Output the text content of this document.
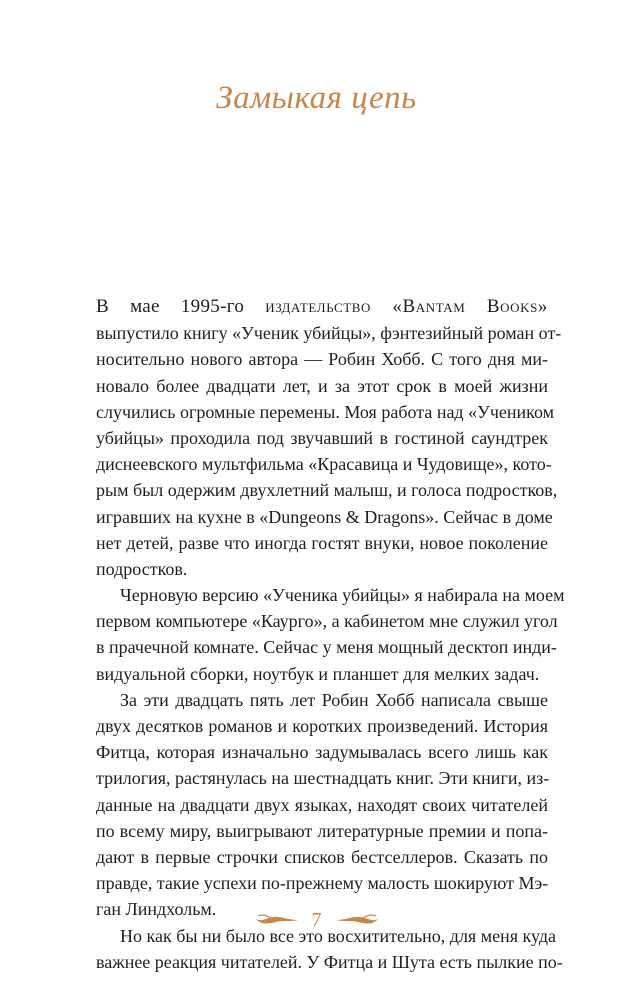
Замыкая цепь
В мае 1995-го издательство «Bantam Books»
выпустило книгу «Ученик убийцы», фэнтезийный роман от-
носительно нового автора — Робин Хобб. С того дня ми-
новало более двадцати лет, и за этот срок в моей жизни
случились огромные перемены. Моя работа над «Учеником
убийцы» проходила под звучавший в гостиной саундтрек
диснеевского мультфильма «Красавица и Чудовище», кото-
рым был одержим двухлетний малыш, и голоса подростков,
игравших на кухне в «Dungeons & Dragons». Сейчас в доме
нет детей, разве что иногда гостят внуки, новое поколение
подростков.
Черновую версию «Ученика убийцы» я набирала на моем
первом компьютере «Каурго», а кабинетом мне служил угол
в прачечной комнате. Сейчас у меня мощный десктоп инди-
видуальной сборки, ноутбук и планшет для мелких задач.
За эти двадцать пять лет Робин Хобб написала свыше
двух десятков романов и коротких произведений. История
Фитца, которая изначально задумывалась всего лишь как
трилогия, растянулась на шестнадцать книг. Эти книги, из-
данные на двадцати двух языках, находят своих читателей
по всему миру, выигрывают литературные премии и попа-
дают в первые строчки списков бестселлеров. Сказать по
правде, такие успехи по-прежнему малость шокируют Мэ-
ган Линдхольм.
Но как бы ни было все это восхитительно, для меня куда
важнее реакция читателей. У Фитца и Шута есть пылкие по-
7
